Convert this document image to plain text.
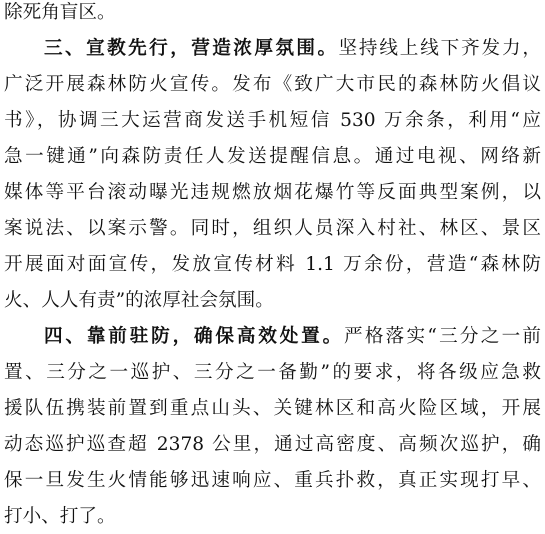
除死角盲区。
三、宣教先行，营造浓厚氛围。坚持线上线下齐发力，
广泛开展森林防火宣传。发布《致广大市民的森林防火倡议
书》，协调三大运营商发送手机短信 530 万余条，利用“应
急一键通”向森防责任人发送提醒信息。通过电视、网络新
媒体等平台滚动曝光违规燃放烟花爆竹等反面典型案例，以
案说法、以案示警。同时，组织人员深入村社、林区、景区
开展面对面宣传，发放宣传材料 1.1 万余份，营造“森林防
火、人人有责”的浓厚社会氛围。
四、靠前驻防，确保高效处置。严格落实“三分之一前
置、三分之一巡护、三分之一备勤”的要求，将各级应急救
援队伍携装前置到重点山头、关键林区和高火险区域，开展
动态巡护巡查超 2378 公里，通过高密度、高频次巡护，确
保一旦发生火情能够迅速响应、重兵扑救，真正实现打早、
打小、打了。
